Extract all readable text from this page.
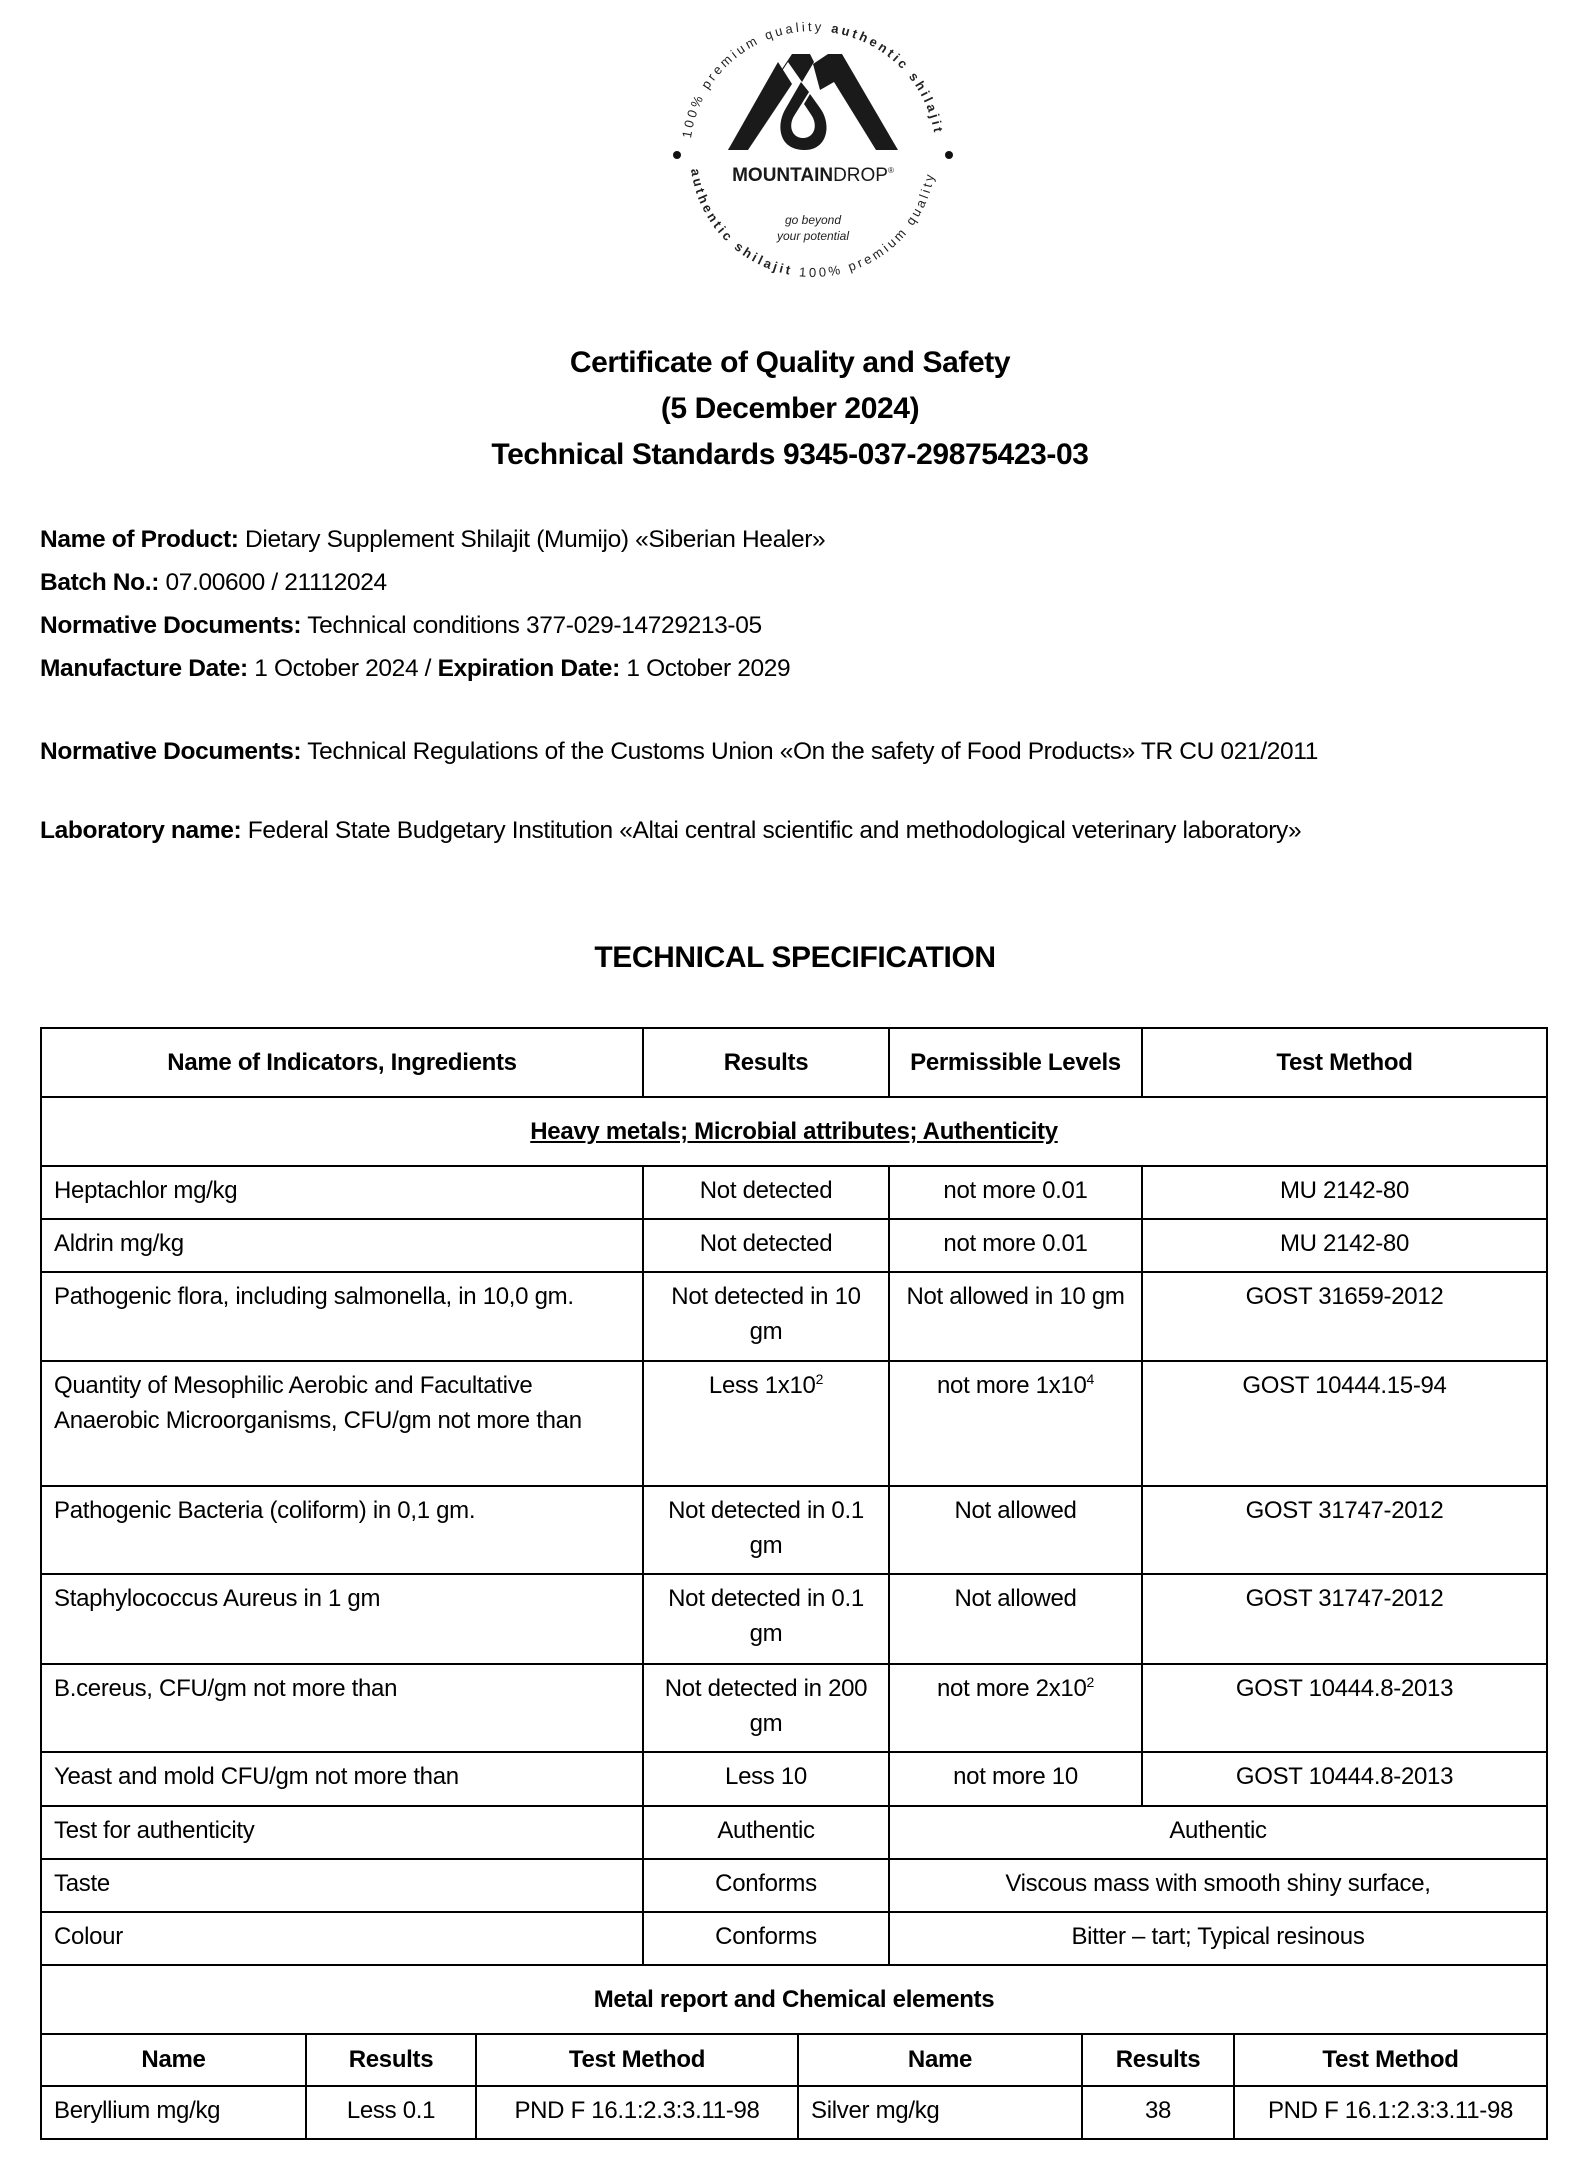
100% premium quality authentic shilajit
authentic shilajit 100% premium quality
MOUNTAINDROP®
go beyond
your potential
Certificate of Quality and Safety
(5 December 2024)
Technical Standards 9345-037-29875423-03
Name of Product: Dietary Supplement Shilajit (Mumijo) «Siberian Healer»
Batch No.: 07.00600 / 21112024
Normative Documents: Technical conditions 377-029-14729213-05
Manufacture Date: 1 October 2024 / Expiration Date: 1 October 2029
Normative Documents: Technical Regulations of the Customs Union «On the safety of Food Products» TR CU 021/2011
Laboratory name: Federal State Budgetary Institution «Altai central scientific and methodological veterinary laboratory»
TECHNICAL SPECIFICATION
Name of Indicators, Ingredients	Results	Permissible Levels	Test Method
Heavy metals; Microbial attributes; Authenticity			
Heptachlor mg/kg	Not detected	not more 0.01	MU 2142-80
Aldrin mg/kg	Not detected	not more 0.01	MU 2142-80
Pathogenic flora, including salmonella, in 10,0 gm.	Not detected in 10 gm	Not allowed in 10 gm	GOST 31659-2012
Quantity of Mesophilic Aerobic and Facultative Anaerobic Microorganisms, CFU/gm not more than	Less $1x10^2$	not more $1x10^4$	GOST 10444.15-94
Pathogenic Bacteria (coliform) in 0,1 gm.	Not detected in 0.1 gm	Not allowed	GOST 31747-2012
Staphylococcus Aureus in 1 gm	Not detected in 0.1 gm	Not allowed	GOST 31747-2012
B.cereus, CFU/gm not more than	Not detected in 200 gm	not more $2x10^2$	GOST 10444.8-2013
Yeast and mold CFU/gm not more than	Less 10	not more 10	GOST 10444.8-2013
Test for authenticity	Authentic	Authentic	
Taste	Conforms	Viscous mass with smooth shiny surface,	
Colour	Conforms	Bitter – tart; Typical resinous	
Metal report and Chemical elements			
Name	Results	Test Method	Name	Results	Test Method
Beryllium mg/kg	Less 0.1	PND F 16.1:2.3:3.11-98	Silver mg/kg	38	PND F 16.1:2.3:3.11-98
